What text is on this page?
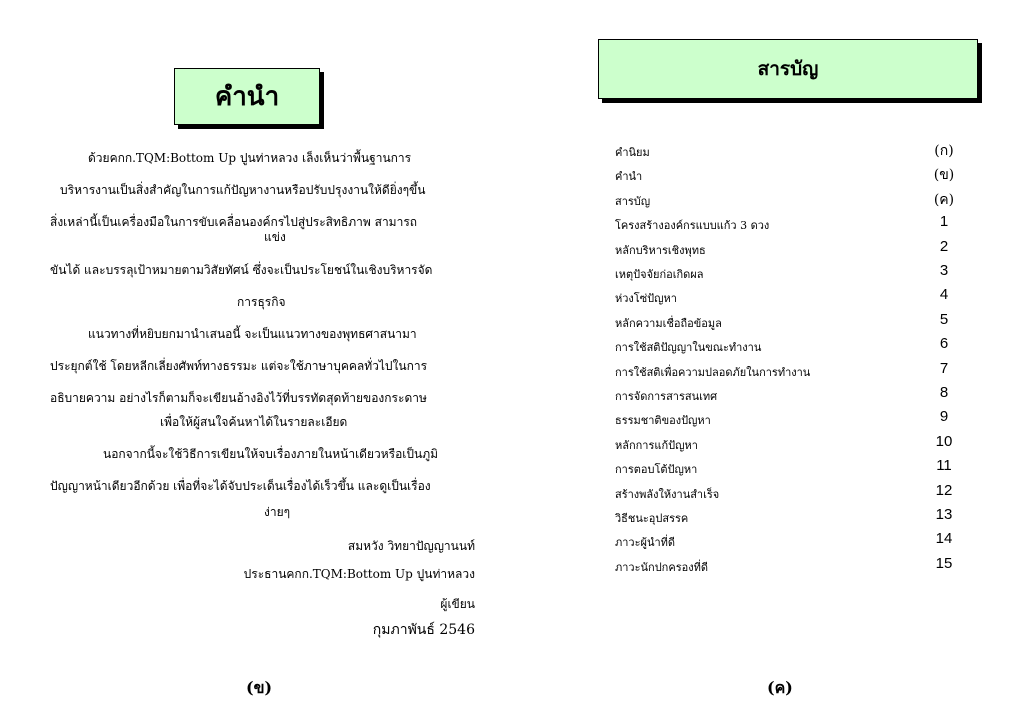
คำนำ
ด้วยคกก.TQM:Bottom Up ปูนท่าหลวง เล็งเห็นว่าพื้นฐานการ
บริหารงานเป็นสิ่งสำคัญในการแก้ปัญหางานหรือปรับปรุงงานให้ดียิ่งๆขึ้น
สิ่งเหล่านี้เป็นเครื่องมือในการขับเคลื่อนองค์กรไปสู่ประสิทธิภาพ สามารถ
แข่ง
ขันได้ และบรรลุเป้าหมายตามวิสัยทัศน์ ซึ่งจะเป็นประโยชน์ในเชิงบริหารจัด
การธุรกิจ
แนวทางที่หยิบยกมานำเสนอนี้ จะเป็นแนวทางของพุทธศาสนามา
ประยุกต์ใช้ โดยหลีกเลี่ยงศัพท์ทางธรรมะ แต่จะใช้ภาษาบุคคลทั่วไปในการ
อธิบายความ อย่างไรก็ตามก็จะเขียนอ้างอิงไว้ที่บรรทัดสุดท้ายของกระดาษ
เพื่อให้ผู้สนใจค้นหาได้ในรายละเอียด
นอกจากนี้จะใช้วิธีการเขียนให้จบเรื่องภายในหน้าเดียวหรือเป็นภูมิ
ปัญญาหน้าเดียวอีกด้วย เพื่อที่จะได้จับประเด็นเรื่องได้เร็วขึ้น และดูเป็นเรื่อง
ง่ายๆ
สมหวัง วิทยาปัญญานนท์
ประธานคกก.TQM:Bottom Up ปูนท่าหลวง
ผู้เขียน
กุมภาพันธ์ 2546
(ข)
สารบัญ
คำนิยม	(ก)
คำนำ	(ข)
สารบัญ	(ค)
โครงสร้างองค์กรแบบแก้ว 3 ดวง	1
หลักบริหารเชิงพุทธ	2
เหตุปัจจัยก่อเกิดผล	3
ห่วงโซ่ปัญหา	4
หลักความเชื่อถือข้อมูล	5
การใช้สติปัญญาในขณะทำงาน	6
การใช้สติเพื่อความปลอดภัยในการทำงาน	7
การจัดการสารสนเทศ	8
ธรรมชาติของปัญหา	9
หลักการแก้ปัญหา	10
การตอบโต้ปัญหา	11
สร้างพลังให้งานสำเร็จ	12
วิธีชนะอุปสรรค	13
ภาวะผู้นำที่ดี	14
ภาวะนักปกครองที่ดี	15
(ค)
